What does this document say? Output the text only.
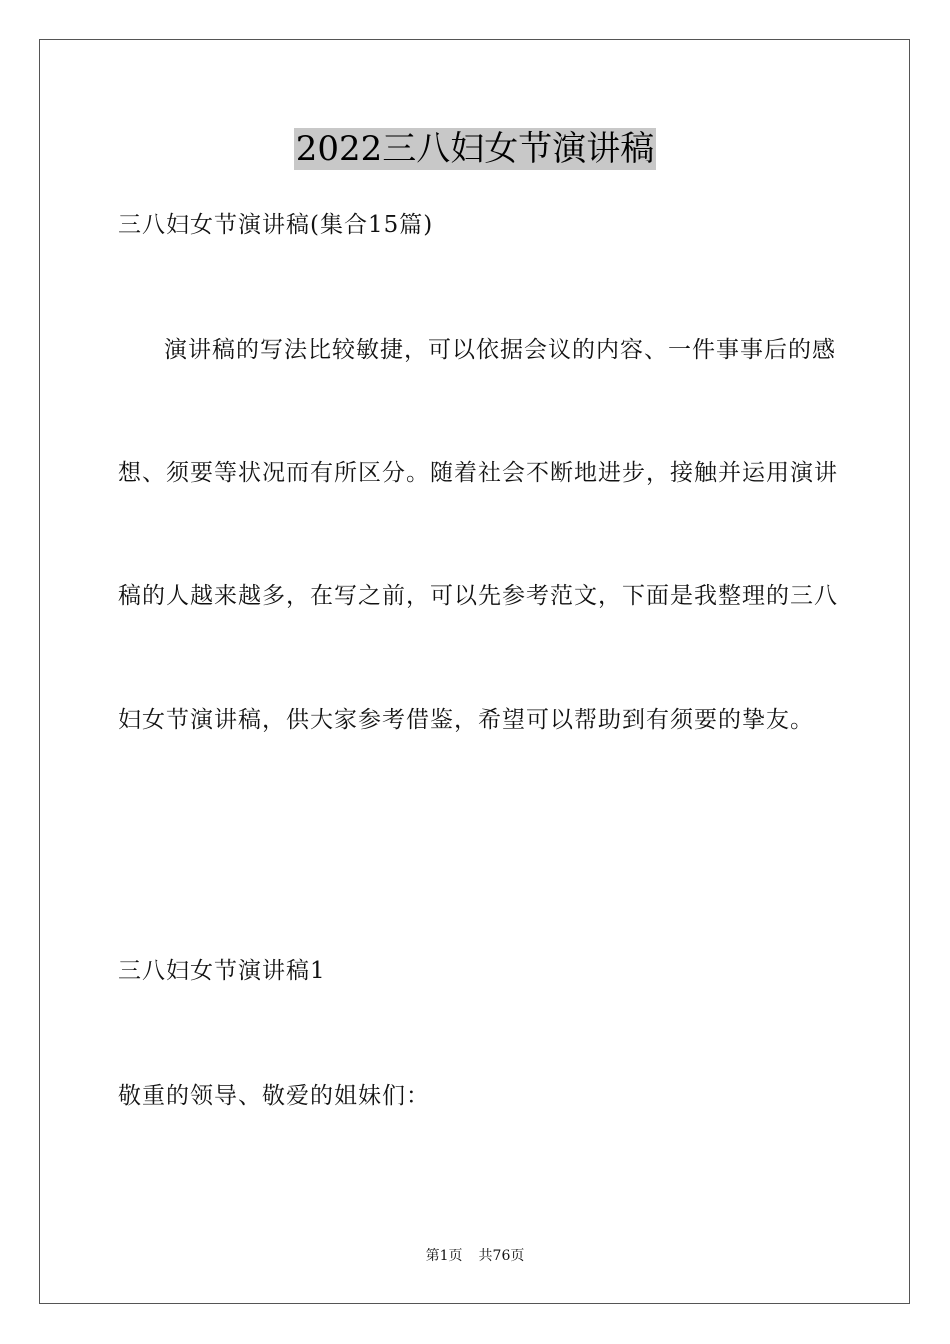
2022三八妇女节演讲稿
三八妇女节演讲稿(集合15篇)
演讲稿的写法比较敏捷，可以依据会议的内容、一件事事后的感
想、须要等状况而有所区分。随着社会不断地进步，接触并运用演讲
稿的人越来越多，在写之前，可以先参考范文，下面是我整理的三八
妇女节演讲稿，供大家参考借鉴，希望可以帮助到有须要的挚友。
三八妇女节演讲稿1
敬重的领导、敬爱的姐妹们：
第1页 共76页
